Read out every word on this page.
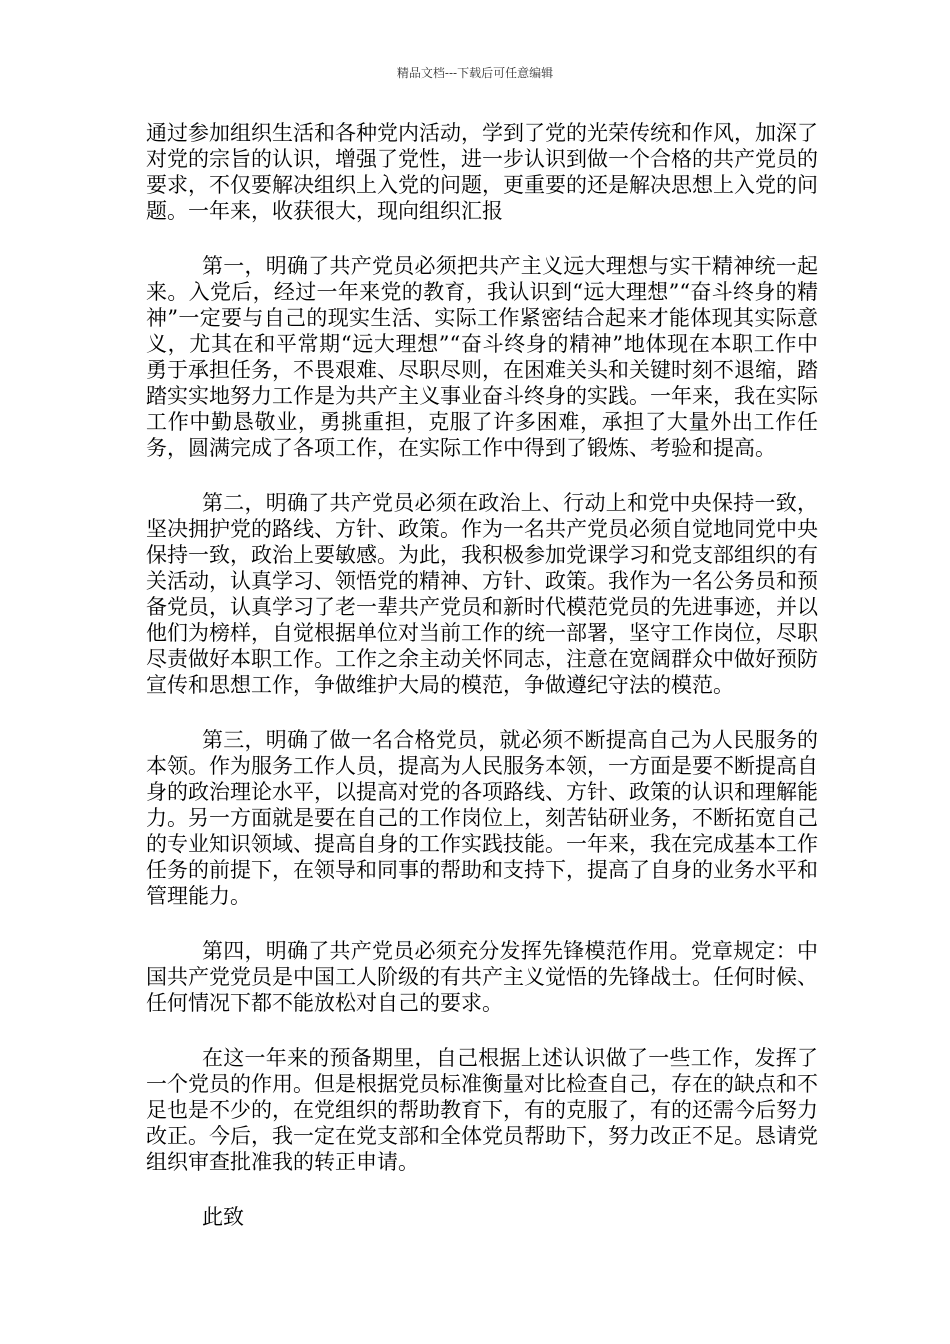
精品文档---下载后可任意编辑

通过参加组织生活和各种党内活动，学到了党的光荣传统和作风，加深了对党的宗旨的认识，增强了党性，进一步认识到做一个合格的共产党员的要求，不仅要解决组织上入党的问题，更重要的还是解决思想上入党的问题。一年来，收获很大，现向组织汇报

第一，明确了共产党员必须把共产主义远大理想与实干精神统一起来。入党后，经过一年来党的教育，我认识到“远大理想”“奋斗终身的精神”一定要与自己的现实生活、实际工作紧密结合起来才能体现其实际意义，尤其在和平常期“远大理想”“奋斗终身的精神”地体现在本职工作中勇于承担任务，不畏艰难、尽职尽则，在困难关头和关键时刻不退缩，踏踏实实地努力工作是为共产主义事业奋斗终身的实践。一年来，我在实际工作中勤恳敬业，勇挑重担，克服了许多困难，承担了大量外出工作任务，圆满完成了各项工作，在实际工作中得到了锻炼、考验和提高。

第二，明确了共产党员必须在政治上、行动上和党中央保持一致，坚决拥护党的路线、方针、政策。作为一名共产党员必须自觉地同党中央保持一致，政治上要敏感。为此，我积极参加党课学习和党支部组织的有关活动，认真学习、领悟党的精神、方针、政策。我作为一名公务员和预备党员，认真学习了老一辈共产党员和新时代模范党员的先进事迹，并以他们为榜样，自觉根据单位对当前工作的统一部署，坚守工作岗位，尽职尽责做好本职工作。工作之余主动关怀同志，注意在宽阔群众中做好预防宣传和思想工作，争做维护大局的模范，争做遵纪守法的模范。

第三，明确了做一名合格党员，就必须不断提高自己为人民服务的本领。作为服务工作人员，提高为人民服务本领，一方面是要不断提高自身的政治理论水平，以提高对党的各项路线、方针、政策的认识和理解能力。另一方面就是要在自己的工作岗位上，刻苦钻研业务，不断拓宽自己的专业知识领域、提高自身的工作实践技能。一年来，我在完成基本工作任务的前提下，在领导和同事的帮助和支持下，提高了自身的业务水平和管理能力。

第四，明确了共产党员必须充分发挥先锋模范作用。党章规定：中国共产党党员是中国工人阶级的有共产主义觉悟的先锋战士。任何时候、任何情况下都不能放松对自己的要求。

在这一年来的预备期里，自己根据上述认识做了一些工作，发挥了一个党员的作用。但是根据党员标准衡量对比检查自己，存在的缺点和不足也是不少的，在党组织的帮助教育下，有的克服了，有的还需今后努力改正。今后，我一定在党支部和全体党员帮助下，努力改正不足。恳请党组织审查批准我的转正申请。

此致
